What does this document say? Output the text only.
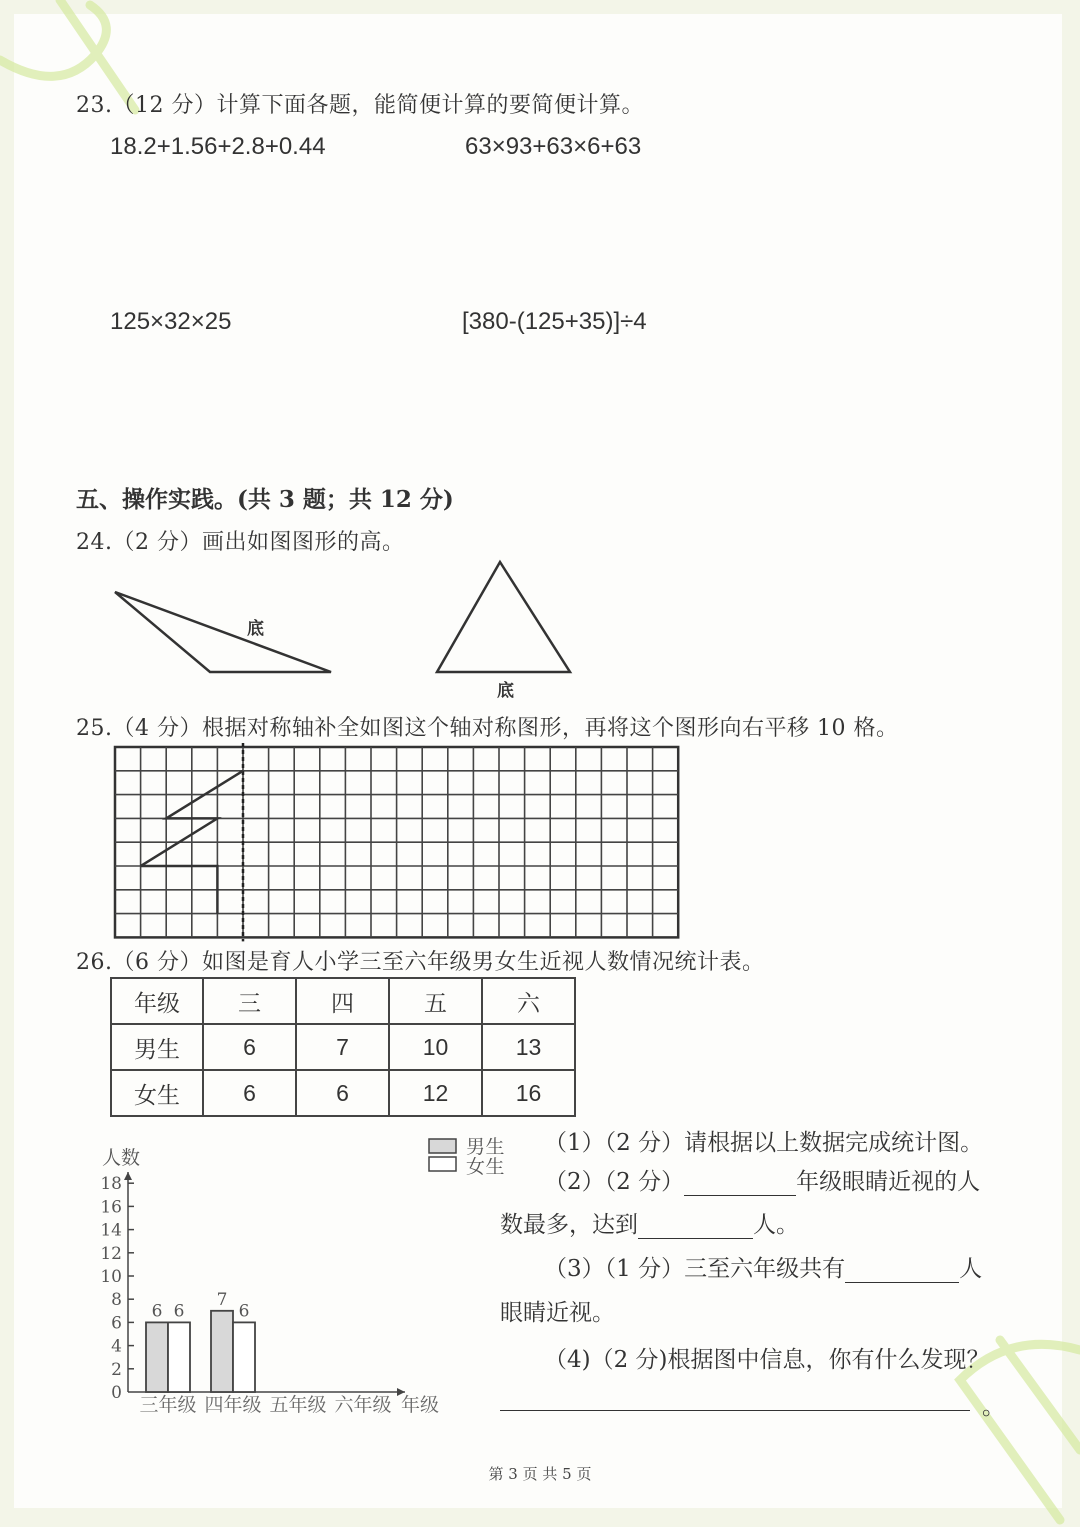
23.（12 分）计算下面各题，能简便计算的要简便计算。
18.2+1.56+2.8+0.44	63×93+63×6+63
125×32×25	[380-(125+35)]÷4
五、操作实践。(共 3 题；共 12 分)
24.（2 分）画出如图图形的高。
底
底
25.（4 分）根据对称轴补全如图这个轴对称图形，再将这个图形向右平移 10 格。
26.（6 分）如图是育人小学三至六年级男女生近视人数情况统计表。
年级	三	四	五	六
男生	6	7	10	13
女生	6	6	12	16
0
2
4
6
8
10
12
14
16
18
人数
6 6
三年级
7
6
四年级 五年级 六年级 年级
男生
女生
（1）（2 分）请根据以上数据完成统计图。
（2）（2 分）	年级眼睛近视的人
数最多，达到	人。
（3）（1 分）三至六年级共有	人
眼睛近视。
（4)（2 分)根据图中信息，你有什么发现？
。
第 3 页 共 5 页
